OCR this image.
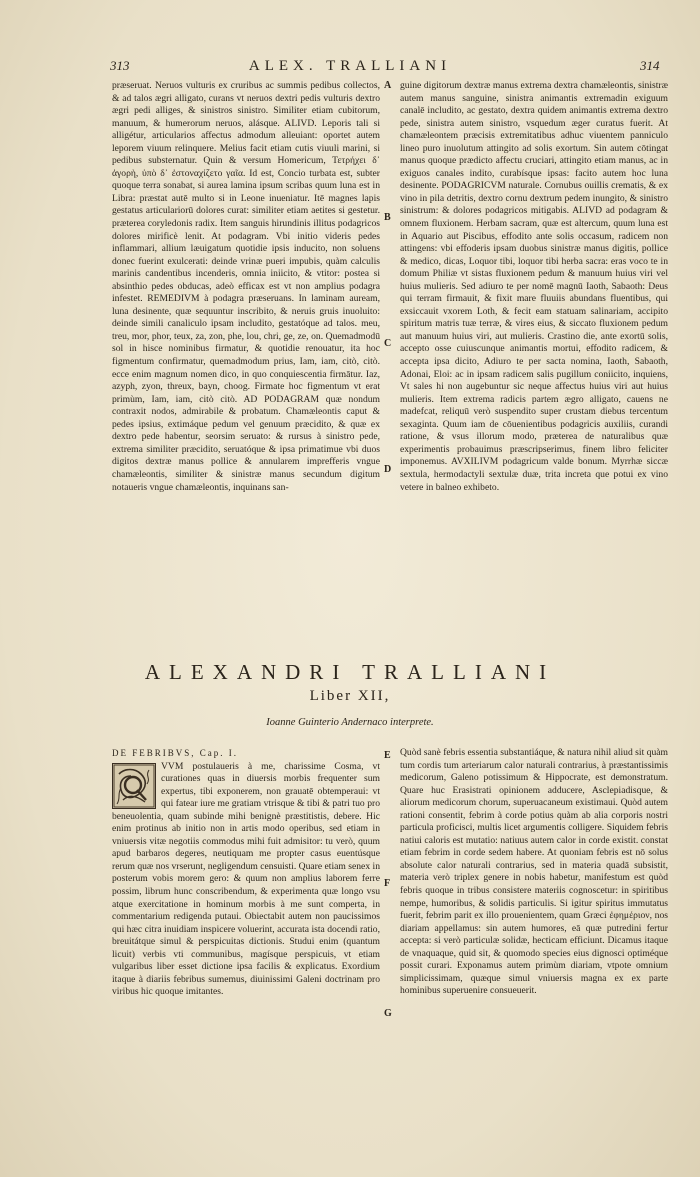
313	ALEX. TRALLIANI	314

præseruat. Neruos vulturis ex cruribus ac summis pedibus collectos, & ad talos ægri alligato, curans vt neruos dextri pedis vulturis dextro ægri pedi alliges, & sinistros sinistro. Similiter etiam cubitorum, manuum, & humerorum neruos, alásque. ALIVD. Leporis tali si alligétur, articularios affectus admodum alleuiant: oportet autem leporem viuum relinquere. Melius facit etiam cutis viuuli marini, si pedibus substernatur. Quin & versum Homericum, Τετρήχει δ᾽ ἀγορὴ, ὑπὸ δ᾽ ἐστοναχίζετο γαῖα. Id est, Concio turbata est, subter quoque terra sonabat, si aurea lamina ipsum scribas quum luna est in Libra: præstat autē multo si in Leone inueniatur. Itē magnes lapis gestatus articulariorū dolores curat: similiter etiam aetites si gestetur. præterea coryledonis radix. Item sanguis hirundinis illitus podagricos dolores mirificè lenit. At podagram. Vbi initio videris pedes inflammari, allium læuigatum quotidie ipsis inducito, non soluens donec fuerint exulcerati: deinde vrinæ pueri impubis, quàm calculis marinis candentibus incenderis, omnia iniicito, & vtitor: postea si absinthio pedes obducas, adeò efficax est vt non amplius podagra infestet. REMEDIVM à podagra præseruans. In laminam auream, luna desinente, quæ sequuntur inscribito, & neruis gruis inuoluito: deinde simili canaliculo ipsam includito, gestatóque ad talos. meu, treu, mor, phor, teux, za, zon, phe, lou, chri, ge, ze, on. Quemadmodū sol in hisce nominibus firmatur, & quotidie renouatur, ita hoc figmentum confirmatur, quemadmodum prius, Iam, iam, citò, citò. ecce enim magnum nomen dico, in quo conquiescentia firmātur. Iaz, azyph, zyon, threux, bayn, choog. Firmate hoc figmentum vt erat primùm, Iam, iam, citò citò. AD PODAGRAM quæ nondum contraxit nodos, admirabile & probatum. Chamæleontis caput & pedes ipsius, extimáque pedum vel genuum præcidito, & quæ ex dextro pede habentur, seorsim seruato: & rursus à sinistro pede, extrema similiter præcidito, seruatóque & ipsa primatimue vbi duos digitos dextræ manus pollice & annularem imprefferis vngue chamæleontis, similiter & sinistræ manus secundum digitum notaueris vngue chamæleontis, inquinans san-

guine digitorum dextræ manus extrema dextra chamæleontis, sinistræ autem manus sanguine, sinistra animantis extremadin exiguum canalē includito, ac gestato, dextra quidem animantis extrema dextro pede, sinistra autem sinistro, vsquedum æger curatus fuerit. At chamæleontem præcisis extremitatibus adhuc viuentem panniculo lineo puro inuolutum attingito ad solis exortum. Sin autem cōtingat manus quoque prædicto affectu cruciari, attingito etiam manus, ac in exiguos canales indito, curabísque ipsas: facito autem hoc luna desinente. PODAGRICVM naturale. Cornubus ouillis crematis, & ex vino in pila detritis, dextro cornu dextrum pedem inungito, & sinistro sinistrum: & dolores podagricos mitigabis. ALIVD ad podagram & omnem fluxionem. Herbam sacram, quæ est altercum, quum luna est in Aquario aut Piscibus, effodito ante solis occasum, radicem non attingens: vbi effoderis ipsam duobus sinistræ manus digitis, pollice & medico, dicas, Loquor tibi, loquor tibi herba sacra: eras voco te in domum Philiæ vt sistas fluxionem pedum & manuum huius viri vel huius mulieris. Sed adiuro te per nomē magnū Iaoth, Sabaoth: Deus qui terram firmauit, & fixit mare fluuiis abundans fluentibus, qui exsiccauit vxorem Loth, & fecit eam statuam salinariam, accipito spiritum matris tuæ terræ, & vires eius, & siccato fluxionem pedum aut manuum huius viri, aut mulieris. Crastino die, ante exortū solis, accepto osse cuiuscunque animantis mortui, effodito radicem, & accepta ipsa dicito, Adiuro te per sacta nomina, Iaoth, Sabaoth, Adonai, Eloi: ac in ipsam radicem salis pugillum coniicito, inquiens, Vt sales hi non augebuntur sic neque affectus huius viri aut huius mulieris. Item extrema radicis partem ægro alligato, cauens ne madefcat, reliquū verò suspendito super crustam diebus tercentum sexaginta. Quum iam de cōuenientibus podagricis auxiliis, curandi ratione, & vsus illorum modo, præterea de naturalibus quæ experimentis probauimus præscripserimus, finem libro feliciter imponemus. AVXILIVM podagricum valde bonum. Myrrhæ siccæ sextula, hermodactyli sextulæ duæ, trita increta que potui ex vino vetere in balneo exhibeto.

A
B
C
D
ALEXANDRI TRALLIANI
Liber XII,
Ioanne Guinterio Andernaco interprete.
DE FEBRIBVS, Cap. I.

VVM postulaueris à me, charissime Cosma, vt curationes quas in diuersis morbis frequenter sum expertus, tibi exponerem, non grauatē obtemperaui: vt qui fatear iure me gratiam vtrisque & tibi & patri tuo pro beneuolentia, quam subinde mihi benignè præstitistis, debere. Hic enim protinus ab initio non in artis modo operibus, sed etiam in vniuersis vitæ negotiis commodus mihi fuit admisitor: tu verò, quum apud barbaros degeres, neutiquam me propter casus euentúsque rerum quæ nos vrserunt, negligendum censuisti. Quare etiam senex in posterum vobis morem gero: & quum non amplius laborem ferre possim, librum hunc conscribendum, & experimenta quæ longo vsu atque exercitatione in hominum morbis à me sunt comperta, in commentarium redigenda putaui. Obiectabit autem non paucissimos qui hæc citra inuidiam inspicere voluerint, accurata ista docendi ratio, breuitátque simul & perspicuitas dictionis. Studui enim (quantum licuit) verbis vti communibus, magísque perspicuis, vt etiam vulgaribus liber esset dictione ipsa facilis & explicatus. Exordium itaque à diariis febribus sumemus, diuinissimi Galeni doctrinam pro viribus hic quoque imitantes.

Quòd sanè febris essentia substantiáque, & natura nihil aliud sit quàm tum cordis tum arteriarum calor naturali contrarius, à præstantissimis medicorum, Galeno potissimum & Hippocrate, est demonstratum. Quare huc Erasistrati opinionem adducere, Asclepiadisque, & aliorum medicorum chorum, superuacaneum existimaui. Quòd autem rationi consentit, febrim à corde potius quàm ab alia corporis nostri particula proficisci, multis licet argumentis colligere. Siquidem febris natiui caloris est mutatio: natiuus autem calor in corde existit. constat etiam febrim in corde sedem habere. At quoniam febris est nō solus absolute calor naturali contrarius, sed in materia quadā subsistit, materia verò triplex genere in nobis habetur, manifestum est quòd febris quoque in tribus consistere materiis cognoscetur: in spiritibus nempe, humoribus, & solidis particulis. Si igitur spiritus immutatus fuerit, febrim parit ex illo prouenientem, quam Græci ἐφημέριον, nos diariam appellamus: sin autem humores, eā quæ putredini fertur accepta: si verò particulæ solidæ, hecticam efficiunt. Dicamus itaque de vnaquaque, quid sit, & quomodo species eius dignosci optiméque possit curari. Exponamus autem primùm diariam, vtpote omnium simplicissimam, quæque simul vniuersis magna ex ex parte hominibus superuenire consueuerit.

E
F
G
